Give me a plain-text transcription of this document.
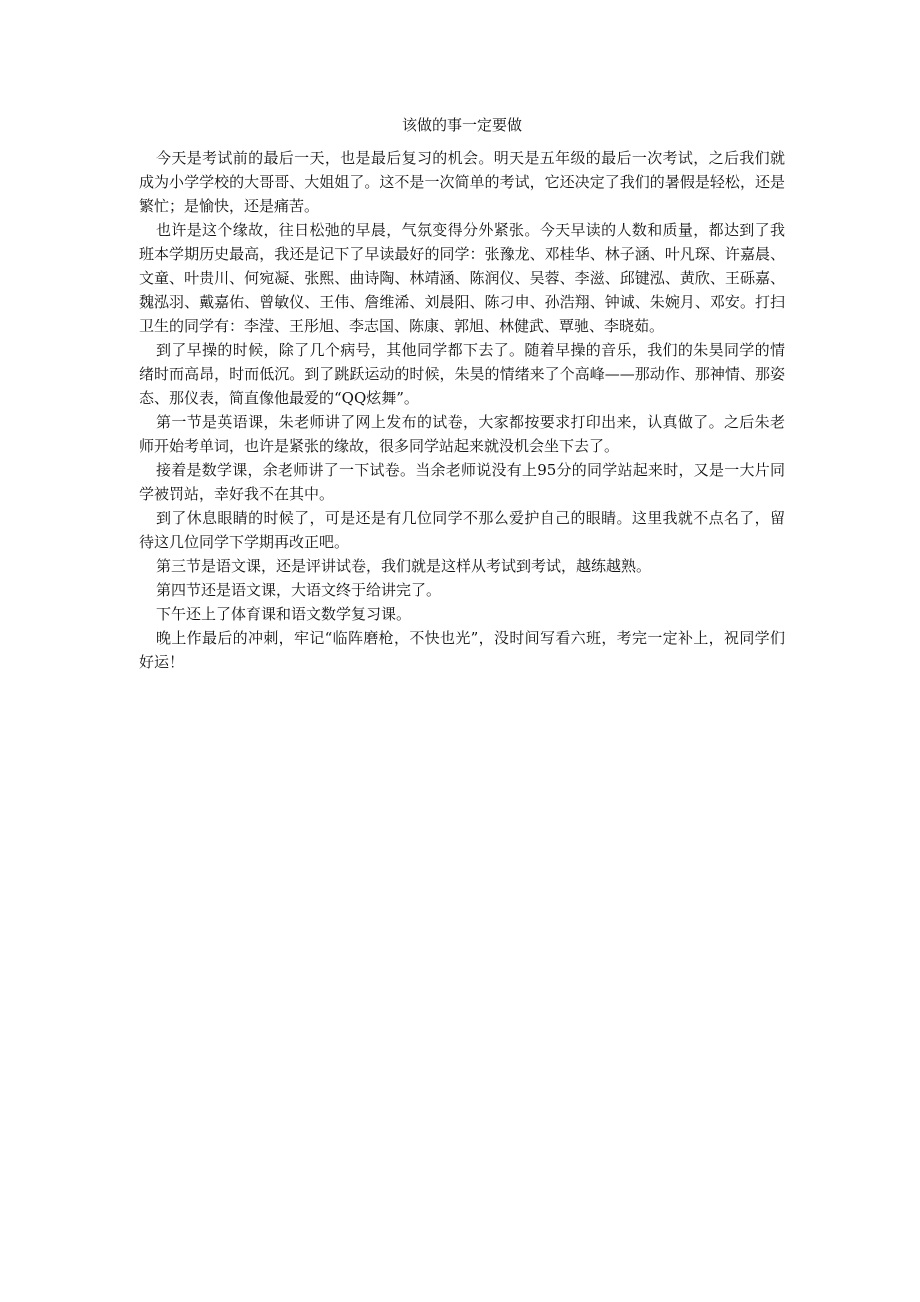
该做的事一定要做

今天是考试前的最后一天，也是最后复习的机会。明天是五年级的最后一次考试，之后我们就成为小学学校的大哥哥、大姐姐了。这不是一次简单的考试，它还决定了我们的暑假是轻松，还是繁忙；是愉快，还是痛苦。

也许是这个缘故，往日松弛的早晨，气氛变得分外紧张。今天早读的人数和质量，都达到了我班本学期历史最高，我还是记下了早读最好的同学：张豫龙、邓桂华、林子涵、叶凡琛、许嘉晨、文童、叶贵川、何宛凝、张熙、曲诗陶、林靖涵、陈润仪、吴蓉、李滋、邱键泓、黄欣、王砾嘉、魏泓羽、戴嘉佑、曾敏仪、王伟、詹维浠、刘晨阳、陈刁申、孙浩翔、钟诚、朱婉月、邓安。打扫卫生的同学有：李滢、王彤旭、李志国、陈康、郭旭、林健武、覃驰、李晓茹。

到了早操的时候，除了几个病号，其他同学都下去了。随着早操的音乐，我们的朱昊同学的情绪时而高昂，时而低沉。到了跳跃运动的时候，朱昊的情绪来了个高峰——那动作、那神情、那姿态、那仪表，简直像他最爱的“QQ炫舞”。

第一节是英语课，朱老师讲了网上发布的试卷，大家都按要求打印出来，认真做了。之后朱老师开始考单词，也许是紧张的缘故，很多同学站起来就没机会坐下去了。

接着是数学课，余老师讲了一下试卷。当余老师说没有上95分的同学站起来时，又是一大片同学被罚站，幸好我不在其中。

到了休息眼睛的时候了，可是还是有几位同学不那么爱护自己的眼睛。这里我就不点名了，留待这几位同学下学期再改正吧。

第三节是语文课，还是评讲试卷，我们就是这样从考试到考试，越练越熟。

第四节还是语文课，大语文终于给讲完了。

下午还上了体育课和语文数学复习课。

晚上作最后的冲刺，牢记“临阵磨枪，不快也光”，没时间写看六班，考完一定补上，祝同学们好运！
